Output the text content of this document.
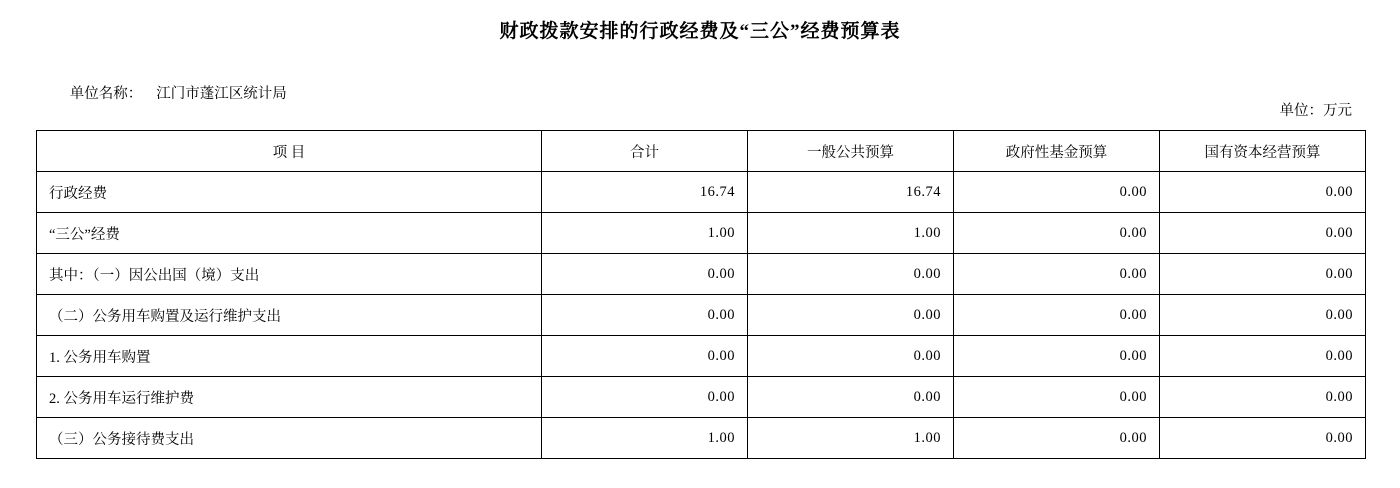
财政拨款安排的行政经费及“三公”经费预算表

单位名称： 江门市蓬江区统计局

单位：万元
项 目	合计	一般公共预算	政府性基金预算	国有资本经营预算
行政经费	16.74	16.74	0.00	0.00
“三公”经费	1.00	1.00	0.00	0.00
其中：（一）因公出国（境）支出	0.00	0.00	0.00	0.00
（二）公务用车购置及运行维护支出	0.00	0.00	0.00	0.00
1. 公务用车购置	0.00	0.00	0.00	0.00
2. 公务用车运行维护费	0.00	0.00	0.00	0.00
（三）公务接待费支出	1.00	1.00	0.00	0.00
